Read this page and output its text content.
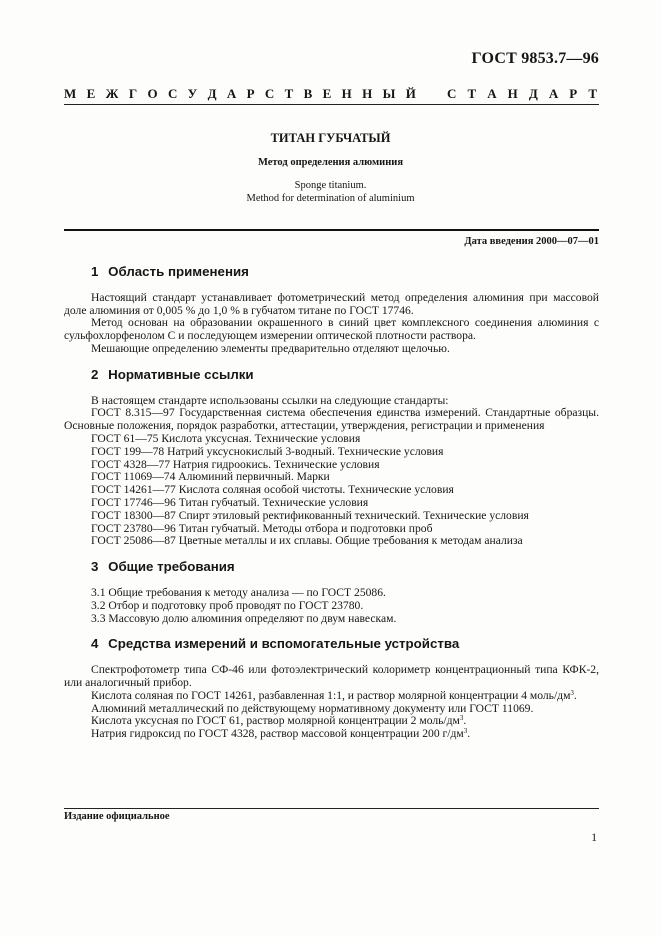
ГОСТ 9853.7—96
М Е Ж Г О С У Д А Р С Т В Е Н Н Ы Й С Т А Н Д А Р Т
ТИТАН ГУБЧАТЫЙ
Метод определения алюминия
Sponge titanium.
Method for determination of aluminium
Дата введения 2000—07—01
1 Область применения

Настоящий стандарт устанавливает фотометрический метод определения алюминия при массовой доле алюминия от 0,005 % до 1,0 % в губчатом титане по ГОСТ 17746.

Метод основан на образовании окрашенного в синий цвет комплексного соединения алюминия с сульфохлорфенолом С и последующем измерении оптической плотности раствора.

Мешающие определению элементы предварительно отделяют щелочью.

2 Нормативные ссылки

В настоящем стандарте использованы ссылки на следующие стандарты:

ГОСТ 8.315—97 Государственная система обеспечения единства измерений. Стандартные образцы. Основные положения, порядок разработки, аттестации, утверждения, регистрации и применения

ГОСТ 61—75 Кислота уксусная. Технические условия

ГОСТ 199—78 Натрий уксуснокислый 3-водный. Технические условия

ГОСТ 4328—77 Натрия гидроокись. Технические условия

ГОСТ 11069—74 Алюминий первичный. Марки

ГОСТ 14261—77 Кислота соляная особой чистоты. Технические условия

ГОСТ 17746—96 Титан губчатый. Технические условия

ГОСТ 18300—87 Спирт этиловый ректификованный технический. Технические условия

ГОСТ 23780—96 Титан губчатый. Методы отбора и подготовки проб

ГОСТ 25086—87 Цветные металлы и их сплавы. Общие требования к методам анализа

3 Общие требования

3.1 Общие требования к методу анализа — по ГОСТ 25086.

3.2 Отбор и подготовку проб проводят по ГОСТ 23780.

3.3 Массовую долю алюминия определяют по двум навескам.

4 Средства измерений и вспомогательные устройства

Спектрофотометр типа СФ-46 или фотоэлектрический колориметр концентрационный типа КФК-2, или аналогичный прибор.

Кислота соляная по ГОСТ 14261, разбавленная 1:1, и раствор молярной концентрации 4 моль/$дм^3$.

Алюминий металлический по действующему нормативному документу или ГОСТ 11069.

Кислота уксусная по ГОСТ 61, раствор молярной концентрации 2 моль/$дм^3$.

Натрия гидроксид по ГОСТ 4328, раствор массовой концентрации 200 $г/дм^3$.

Издание официальное
1
